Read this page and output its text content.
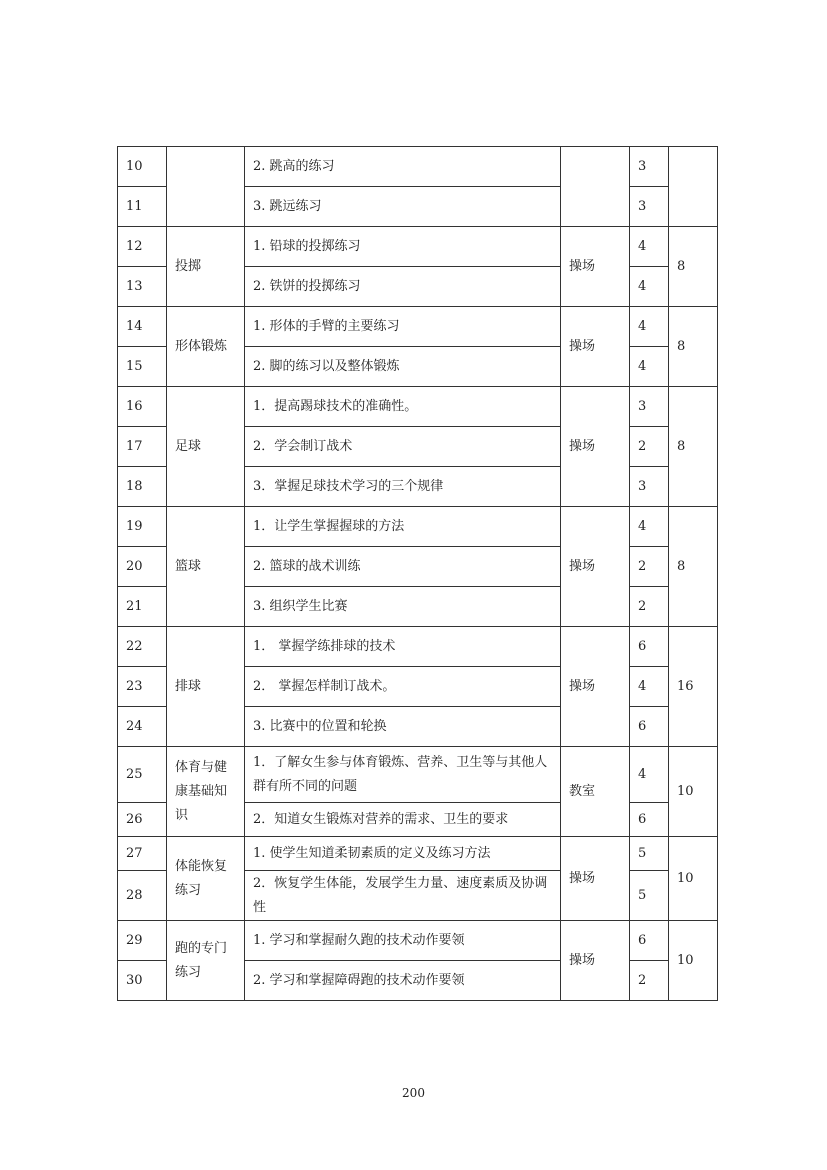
10		2. 跳高的练习		3	
11		3. 跳远练习		3	
12	投掷	1. 铅球的投掷练习	操场	4	8
13		2. 铁饼的投掷练习		4	
14	形体锻炼	1. 形体的手臂的主要练习	操场	4	8
15		2. 脚的练习以及整体锻炼		4	
16	足球	1．提高踢球技术的准确性。	操场	3	8
17		2．学会制订战术		2	
18		3．掌握足球技术学习的三个规律		3	
19	篮球	1．让学生掌握握球的方法	操场	4	8
20		2. 篮球的战术训练		2	
21		3. 组织学生比赛		2	
22	排球	1． 掌握学练排球的技术	操场	6	16
23		2． 掌握怎样制订战术。		4	
24		3. 比赛中的位置和轮换		6	
25	体育与健康基础知识	1．了解女生参与体育锻炼、营养、卫生等与其他人群有所不同的问题	教室	4	10
26		2．知道女生锻炼对营养的需求、卫生的要求		6	
27	体能恢复练习	1. 使学生知道柔韧素质的定义及练习方法	操场	5	10
28		2．恢复学生体能，发展学生力量、速度素质及协调性		5	
29	跑的专门练习	1. 学习和掌握耐久跑的技术动作要领	操场	6	10
30		2. 学习和掌握障碍跑的技术动作要领		2	
200
